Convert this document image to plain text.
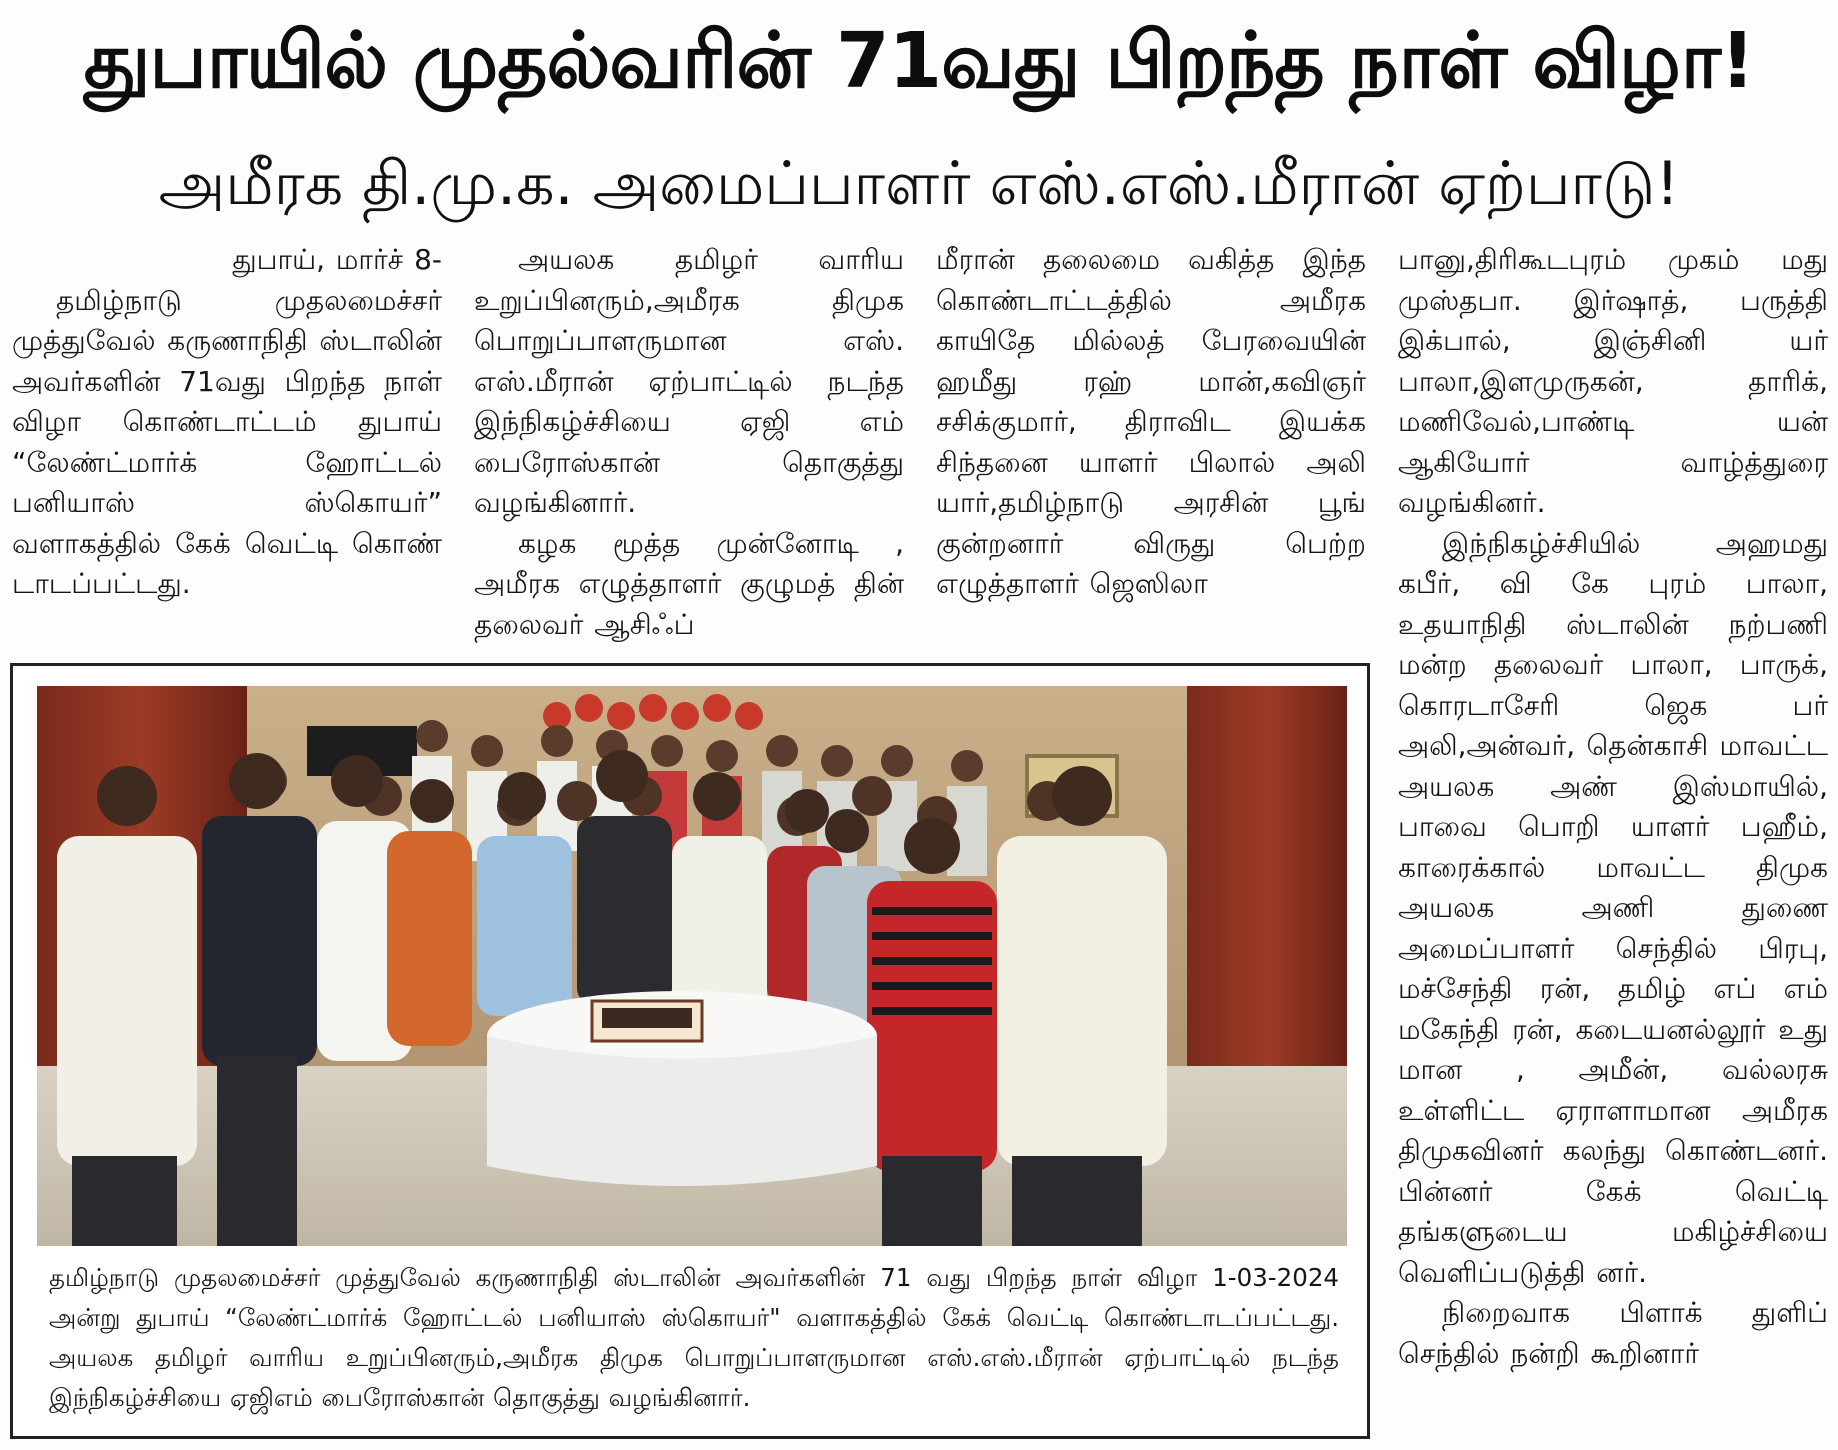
துபாயில் முதல்வரின் 71வது பிறந்த நாள் விழா!
அமீரக தி.மு.க. அமைப்பாளர் எஸ்.எஸ்.மீரான் ஏற்பாடு!

துபாய், மார்ச் 8-

தமிழ்நாடு முதலமைச்சர் முத்துவேல் கருணாநிதி ஸ்டாலின் அவர்களின் 71வது பிறந்த நாள் விழா கொண்டாட்டம் துபாய் “லேண்ட்மார்க் ஹோட்டல் பனியாஸ் ஸ்கொயர்” வளாகத்தில் கேக் வெட்டி கொண் டாடப்பட்டது.

அயலக தமிழர் வாரிய உறுப்பினரும்,அமீரக திமுக பொறுப்பாளருமான எஸ். எஸ்.மீரான் ஏற்பாட்டில் நடந்த இந்நிகழ்ச்சியை ஏஜி எம் பைரோஸ்கான் தொகுத்து வழங்கினார்.

கழக மூத்த முன்னோடி , அமீரக எழுத்தாளர் குழுமத் தின் தலைவர் ஆசிஃப்

மீரான் தலைமை வகித்த இந்த கொண்டாட்டத்தில் அமீரக காயிதே மில்லத் பேரவையின் ஹமீது ரஹ் மான்,கவிஞர் சசிக்குமார், திராவிட இயக்க சிந்தனை யாளர் பிலால் அலி யார்,தமிழ்நாடு அரசின் பூங் குன்றனார் விருது பெற்ற எழுத்தாளர் ஜெஸிலா

பானு,திரிகூடபுரம் முகம் மது முஸ்தபா. இர்ஷாத், பருத்தி இக்பால், இஞ்சினி யர் பாலா,இளமுருகன், தாரிக், மணிவேல்,பாண்டி யன் ஆகியோர் வாழ்த்துரை வழங்கினர்.

இந்நிகழ்ச்சியில் அஹமது கபீர், வி கே புரம் பாலா, உதயாநிதி ஸ்டாலின் நற்பணி மன்ற தலைவர் பாலா, பாருக், கொரடாசேரி ஜெக பர் அலி,அன்வர், தென்காசி மாவட்ட அயலக அண் இஸ்மாயில், பாவை பொறி யாளர் பஹீம், காரைக்கால் மாவட்ட திமுக அயலக அணி துணை அமைப்பாளர் செந்தில் பிரபு, மச்சேந்தி ரன், தமிழ் எப் எம் மகேந்தி ரன், கடையனல்லூர் உது மான , அமீன், வல்லரசு உள்ளிட்ட ஏராளாமான அமீரக திமுகவினர் கலந்து கொண்டனர். பின்னர் கேக் வெட்டி தங்களுடைய மகிழ்ச்சியை வெளிப்படுத்தி னர்.

நிறைவாக பிளாக் துளிப் செந்தில் நன்றி கூறினார்

தமிழ்நாடு முதலமைச்சர் முத்துவேல் கருணாநிதி ஸ்டாலின் அவர்களின் 71 வது பிறந்த நாள் விழா 1-03-2024 அன்று துபாய் “லேண்ட்மார்க் ஹோட்டல் பனியாஸ் ஸ்கொயர்" வளாகத்தில் கேக் வெட்டி கொண்டாடப்பட்டது. அயலக தமிழர் வாரிய உறுப்பினரும்,அமீரக திமுக பொறுப்பாளருமான எஸ்.எஸ்.மீரான் ஏற்பாட்டில் நடந்த இந்நிகழ்ச்சியை ஏஜிஎம் பைரோஸ்கான் தொகுத்து வழங்கினார்.
